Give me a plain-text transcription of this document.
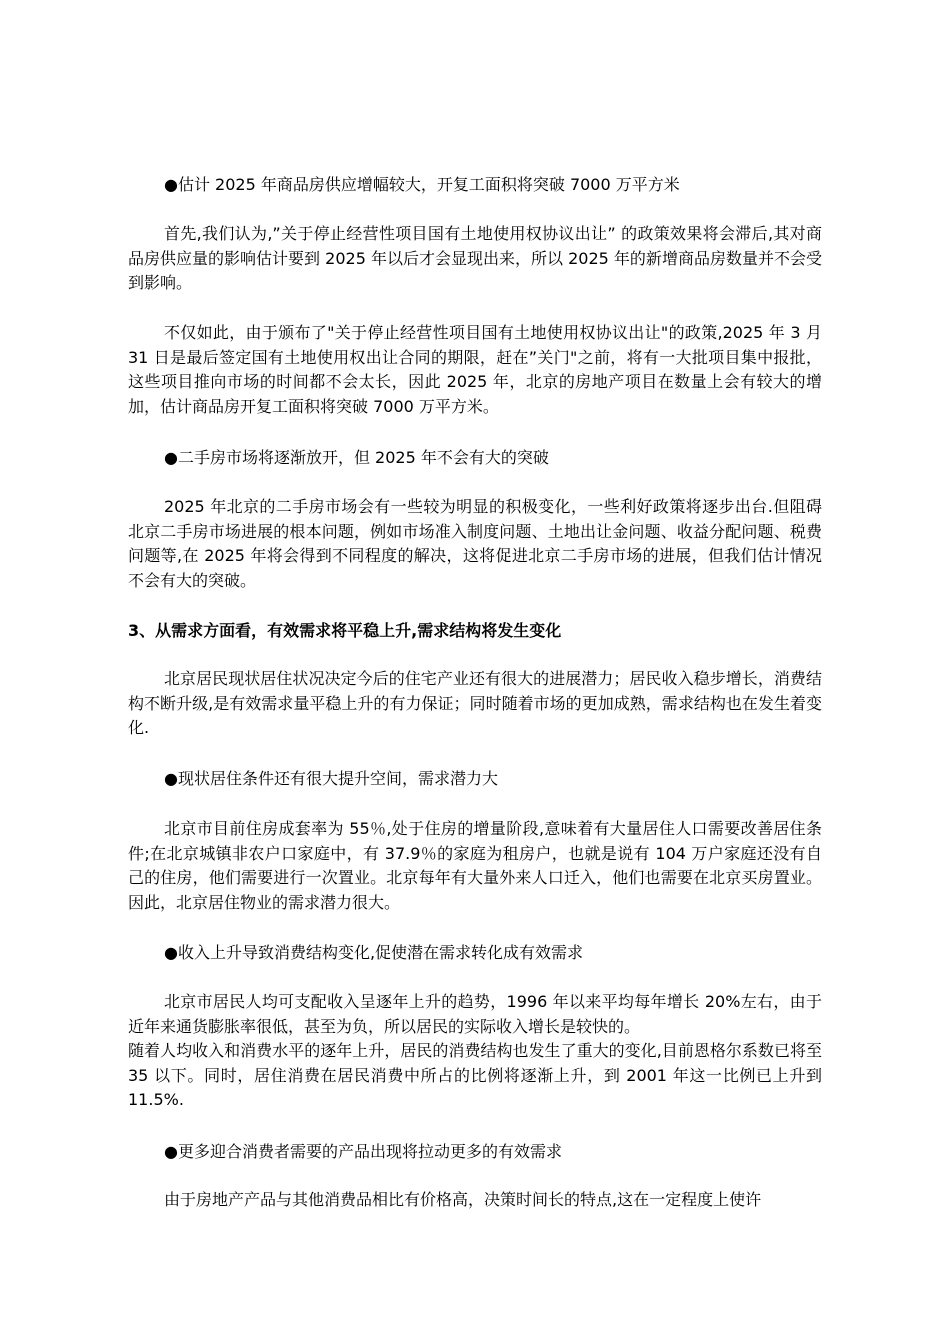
●估计 2025 年商品房供应增幅较大，开复工面积将突破 7000 万平方米

首先,我们认为,”关于停止经营性项目国有土地使用权协议出让” 的政策效果将会滞后,其对商品房供应量的影响估计要到 2025 年以后才会显现出来，所以 2025 年的新增商品房数量并不会受到影响。

不仅如此，由于颁布了"关于停止经营性项目国有土地使用权协议出让"的政策,2025 年 3 月 31 日是最后签定国有土地使用权出让合同的期限，赶在”关门"之前，将有一大批项目集中报批，这些项目推向市场的时间都不会太长，因此 2025 年，北京的房地产项目在数量上会有较大的增加，估计商品房开复工面积将突破 7000 万平方米。

●二手房市场将逐渐放开，但 2025 年不会有大的突破

2025 年北京的二手房市场会有一些较为明显的积极变化，一些利好政策将逐步出台.但阻碍北京二手房市场进展的根本问题，例如市场准入制度问题、土地出让金问题、收益分配问题、税费问题等,在 2025 年将会得到不同程度的解决，这将促进北京二手房市场的进展，但我们估计情况不会有大的突破。

3、从需求方面看，有效需求将平稳上升,需求结构将发生变化

北京居民现状居住状况决定今后的住宅产业还有很大的进展潜力；居民收入稳步增长，消费结构不断升级,是有效需求量平稳上升的有力保证；同时随着市场的更加成熟，需求结构也在发生着变化.

●现状居住条件还有很大提升空间，需求潜力大

北京市目前住房成套率为 55％,处于住房的增量阶段,意味着有大量居住人口需要改善居住条件;在北京城镇非农户口家庭中，有 37.9％的家庭为租房户，也就是说有 104 万户家庭还没有自己的住房，他们需要进行一次置业。北京每年有大量外来人口迁入，他们也需要在北京买房置业。因此，北京居住物业的需求潜力很大。

●收入上升导致消费结构变化,促使潜在需求转化成有效需求

北京市居民人均可支配收入呈逐年上升的趋势，1996 年以来平均每年增长 20%左右，由于近年来通货膨胀率很低，甚至为负，所以居民的实际收入增长是较快的。

随着人均收入和消费水平的逐年上升，居民的消费结构也发生了重大的变化,目前恩格尔系数已将至 35 以下。同时，居住消费在居民消费中所占的比例将逐渐上升，到 2001 年这一比例已上升到 11.5%.

●更多迎合消费者需要的产品出现将拉动更多的有效需求

由于房地产产品与其他消费品相比有价格高，决策时间长的特点,这在一定程度上使许
